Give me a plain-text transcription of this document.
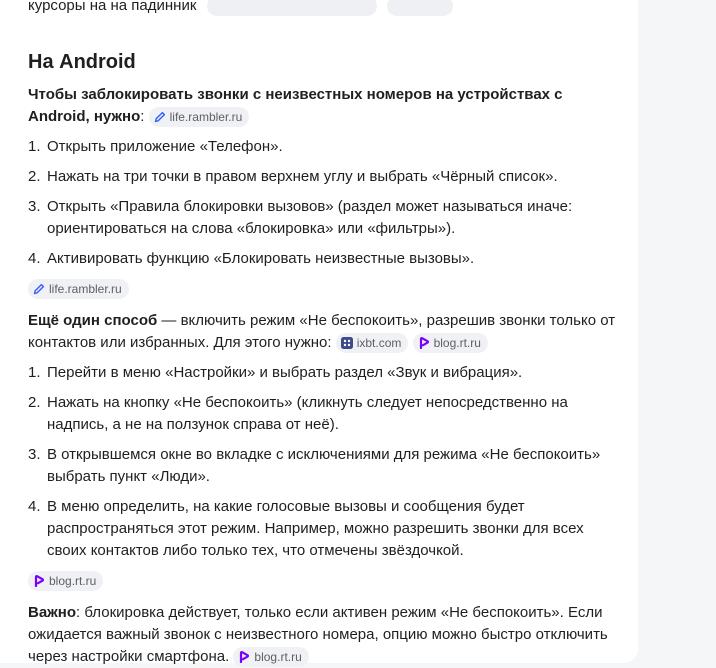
курсоры на на падинник
На Android

Чтобы заблокировать звонки с неизвестных номеров на устройствах с Android, нужно: life.rambler.ru

1. Открыть приложение «Телефон».
2. Нажать на три точки в правом верхнем углу и выбрать «Чёрный список».
3. Открыть «Правила блокировки вызовов» (раздел может называться иначе: ориентироваться на слова «блокировка» или «фильтры»).
4. Активировать функцию «Блокировать неизвестные вызовы».
life.rambler.ru

Ещё один способ — включить режим «Не беспокоить», разрешив звонки только от контактов или избранных. Для этого нужно: ixbt.com
	blog.rt.ru

1. Перейти в меню «Настройки» и выбрать раздел «Звук и вибрация».
2. Нажать на кнопку «Не беспокоить» (кликнуть следует непосредственно на надпись, а не на ползунок справа от неё).
3. В открывшемся окне во вкладке с исключениями для режима «Не беспокоить» выбрать пункт «Люди».
4. В меню определить, на какие голосовые вызовы и сообщения будет распространяться этот режим. Например, можно разрешить звонки для всех своих контактов либо только тех, что отмечены звёздочкой.
blog.rt.ru

Важно: блокировка действует, только если активен режим «Не беспокоить». Если ожидается важный звонок с неизвестного номера, опцию можно быстро отключить через настройки смартфона. blog.rt.ru
